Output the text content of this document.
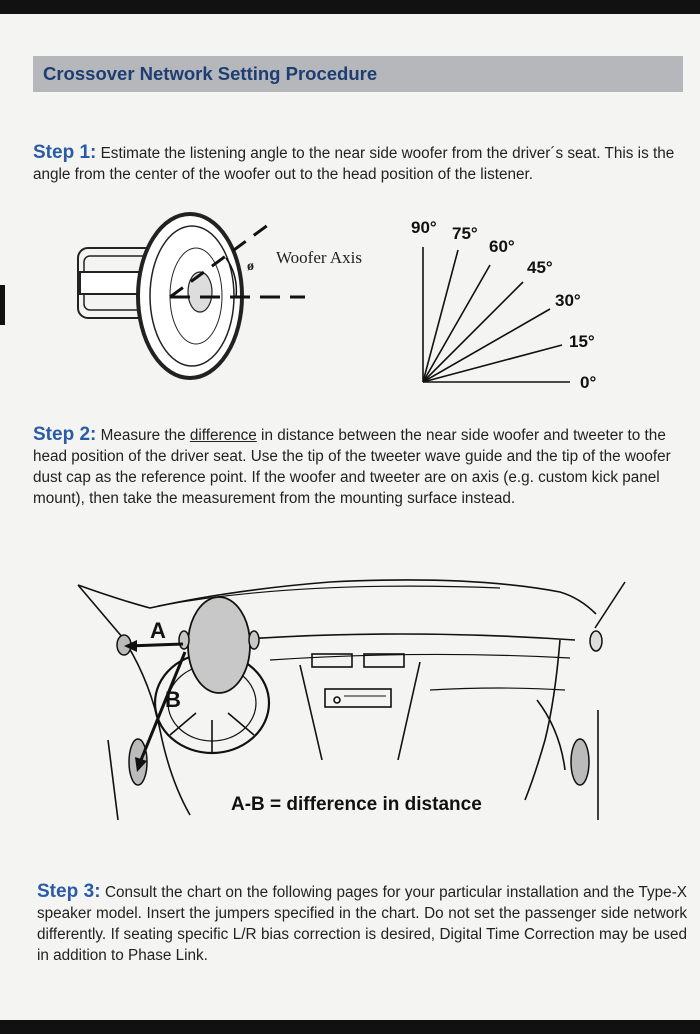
Crossover Network Setting Procedure

Step 1: Estimate the listening angle to the near side woofer from the driver´s seat. This is the angle from the center of the woofer out to the head position of the listener.

ø Woofer Axis
90° 75°
60°
45°
30°
15°
0°

Step 2: Measure the difference in distance between the near side woofer and tweeter to the head position of the driver seat. Use the tip of the tweeter wave guide and the tip of the woofer dust cap as the reference point. If the woofer and tweeter are on axis (e.g. custom kick panel mount), then take the measurement from the mounting surface instead.

A
B
A-B = difference in distance

Step 3: Consult the chart on the following pages for your particular installation and the Type-X speaker model. Insert the jumpers specified in the chart. Do not set the passenger side network differently. If seating specific L/R bias correction is desired, Digital Time Correction may be used in addition to Phase Link.
